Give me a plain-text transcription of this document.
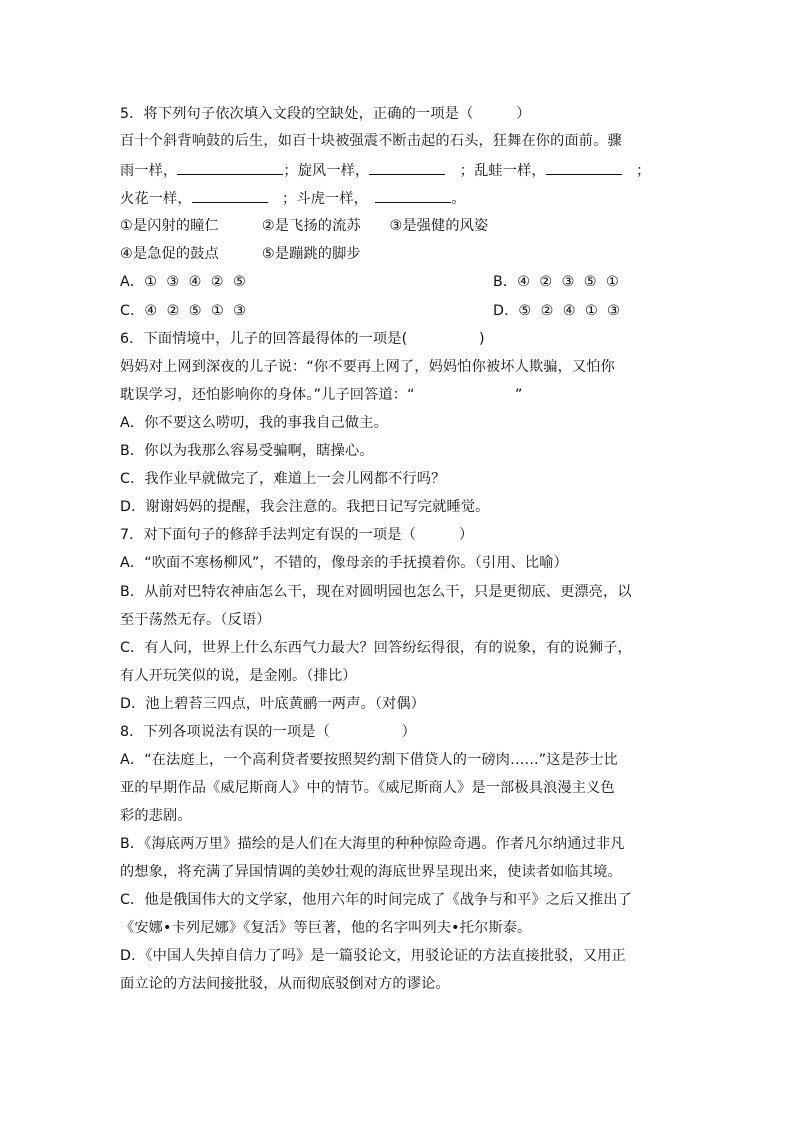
5．将下列句子依次填入文段的空缺处，正确的一项是（　　　）
百十个斜背响鼓的后生，如百十块被强震不断击起的石头，狂舞在你的面前。骤
雨一样，	；旋风一样，	　；乱蛙一样，	　；
火花一样，	　；斗虎一样，　	。
①是闪射的瞳仁　　　②是飞扬的流苏　　③是强健的风姿
④是急促的鼓点　　　⑤是蹦跳的脚步
A．①  ③  ④  ②  ⑤	B．④  ②  ③  ⑤  ①
C．④  ②  ⑤  ①  ③	D．⑤  ②  ④  ①  ③
6．下面情境中，儿子的回答最得体的一项是(　　　　　)
妈妈对上网到深夜的儿子说：“你不要再上网了，妈妈怕你被坏人欺骗，又怕你
耽误学习，还怕影响你的身体。”儿子回答道：“　　　　　　　”
A．你不要这么唠叨，我的事我自己做主。
B．你以为我那么容易受骗啊，瞎操心。
C．我作业早就做完了，难道上一会儿网都不行吗？
D．谢谢妈妈的提醒，我会注意的。我把日记写完就睡觉。
7．对下面句子的修辞手法判定有误的一项是（　　　）
A．“吹面不寒杨柳风”，不错的，像母亲的手抚摸着你。（引用、比喻）
B．从前对巴特农神庙怎么干，现在对圆明园也怎么干，只是更彻底、更漂亮，以
至于荡然无存。（反语）
C．有人问，世界上什么东西气力最大？回答纷纭得很，有的说象，有的说狮子，
有人开玩笑似的说，是金刚。（排比）
D．池上碧苔三四点，叶底黄鹂一两声。（对偶）
8．下列各项说法有误的一项是（　　　　　）
A．“在法庭上，一个高利贷者要按照契约割下借贷人的一磅肉……”这是莎士比
亚的早期作品《威尼斯商人》中的情节。《威尼斯商人》是一部极具浪漫主义色
彩的悲剧。
B．《海底两万里》描绘的是人们在大海里的种种惊险奇遇。作者凡尔纳通过非凡
的想象，将充满了异国情调的美妙壮观的海底世界呈现出来，使读者如临其境。
C．他是俄国伟大的文学家，他用六年的时间完成了《战争与和平》之后又推出了
《安娜•卡列尼娜》《复活》等巨著，他的名字叫列夫•托尔斯泰。
D．《中国人失掉自信力了吗》是一篇驳论文，用驳论证的方法直接批驳，又用正
面立论的方法间接批驳，从而彻底驳倒对方的谬论。
